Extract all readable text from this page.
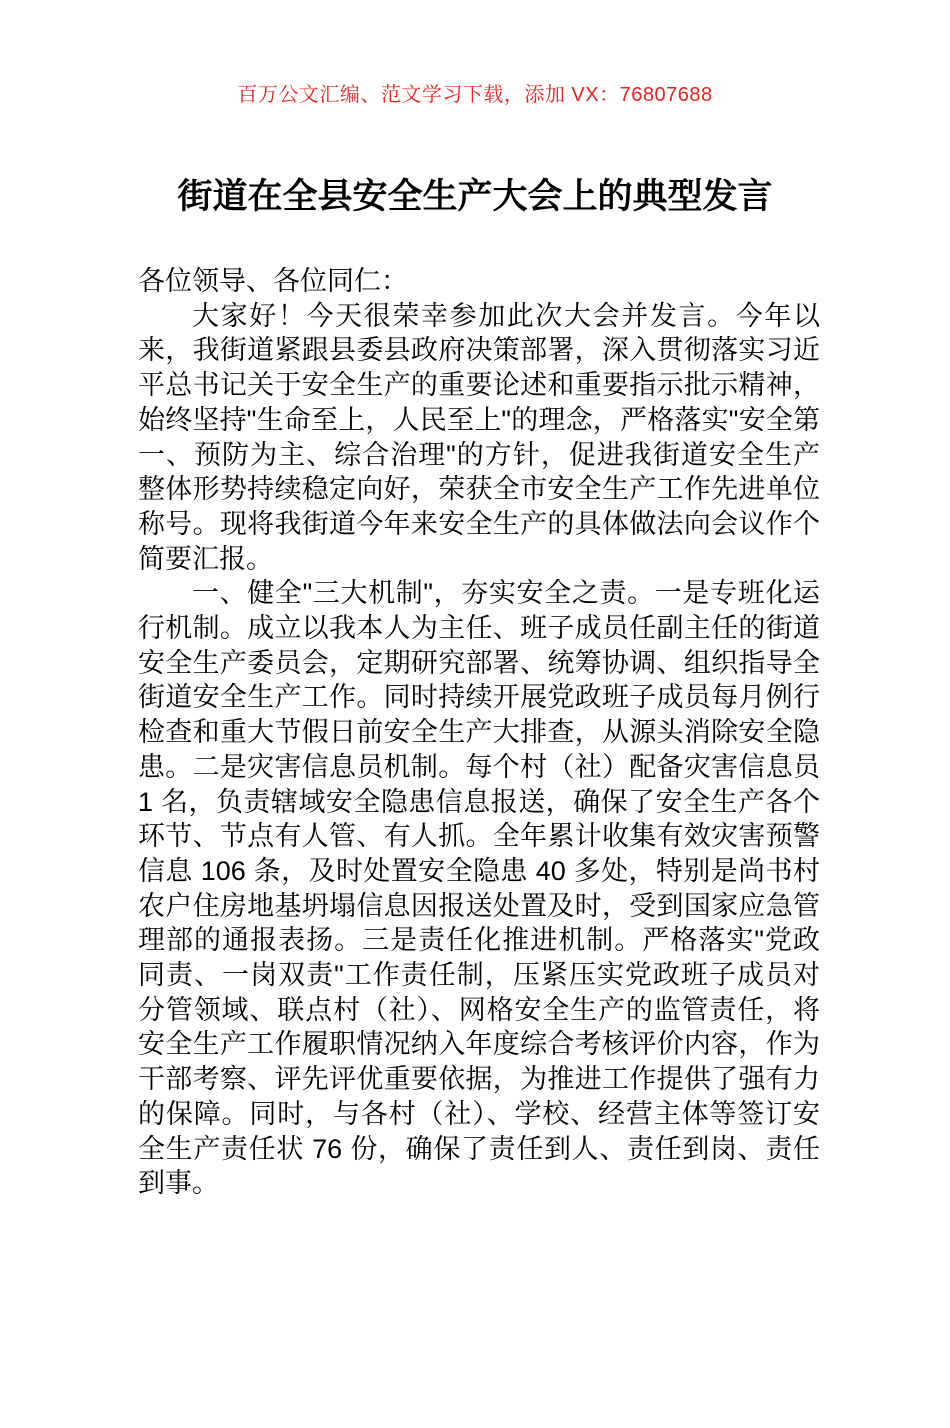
百万公文汇编、范文学习下载，添加 VX：76807688
街道在全县安全生产大会上的典型发言

各位领导、各位同仁：

大家好！今天很荣幸参加此次大会并发言。今年以来，我街道紧跟县委县政府决策部署，深入贯彻落实习近平总书记关于安全生产的重要论述和重要指示批示精神，始终坚持"生命至上，人民至上"的理念，严格落实"安全第一、预防为主、综合治理"的方针，促进我街道安全生产整体形势持续稳定向好，荣获全市安全生产工作先进单位称号。现将我街道今年来安全生产的具体做法向会议作个简要汇报。

一、健全"三大机制"，夯实安全之责。一是专班化运行机制。成立以我本人为主任、班子成员任副主任的街道安全生产委员会，定期研究部署、统筹协调、组织指导全街道安全生产工作。同时持续开展党政班子成员每月例行检查和重大节假日前安全生产大排查，从源头消除安全隐患。二是灾害信息员机制。每个村（社）配备灾害信息员 1 名，负责辖域安全隐患信息报送，确保了安全生产各个环节、节点有人管、有人抓。全年累计收集有效灾害预警信息 106 条，及时处置安全隐患 40 多处，特别是尚书村农户住房地基坍塌信息因报送处置及时，受到国家应急管理部的通报表扬。三是责任化推进机制。严格落实"党政同责、一岗双责"工作责任制，压紧压实党政班子成员对分管领域、联点村（社）、网格安全生产的监管责任，将安全生产工作履职情况纳入年度综合考核评价内容，作为干部考察、评先评优重要依据，为推进工作提供了强有力的保障。同时，与各村（社）、学校、经营主体等签订安全生产责任状 76 份，确保了责任到人、责任到岗、责任到事。
